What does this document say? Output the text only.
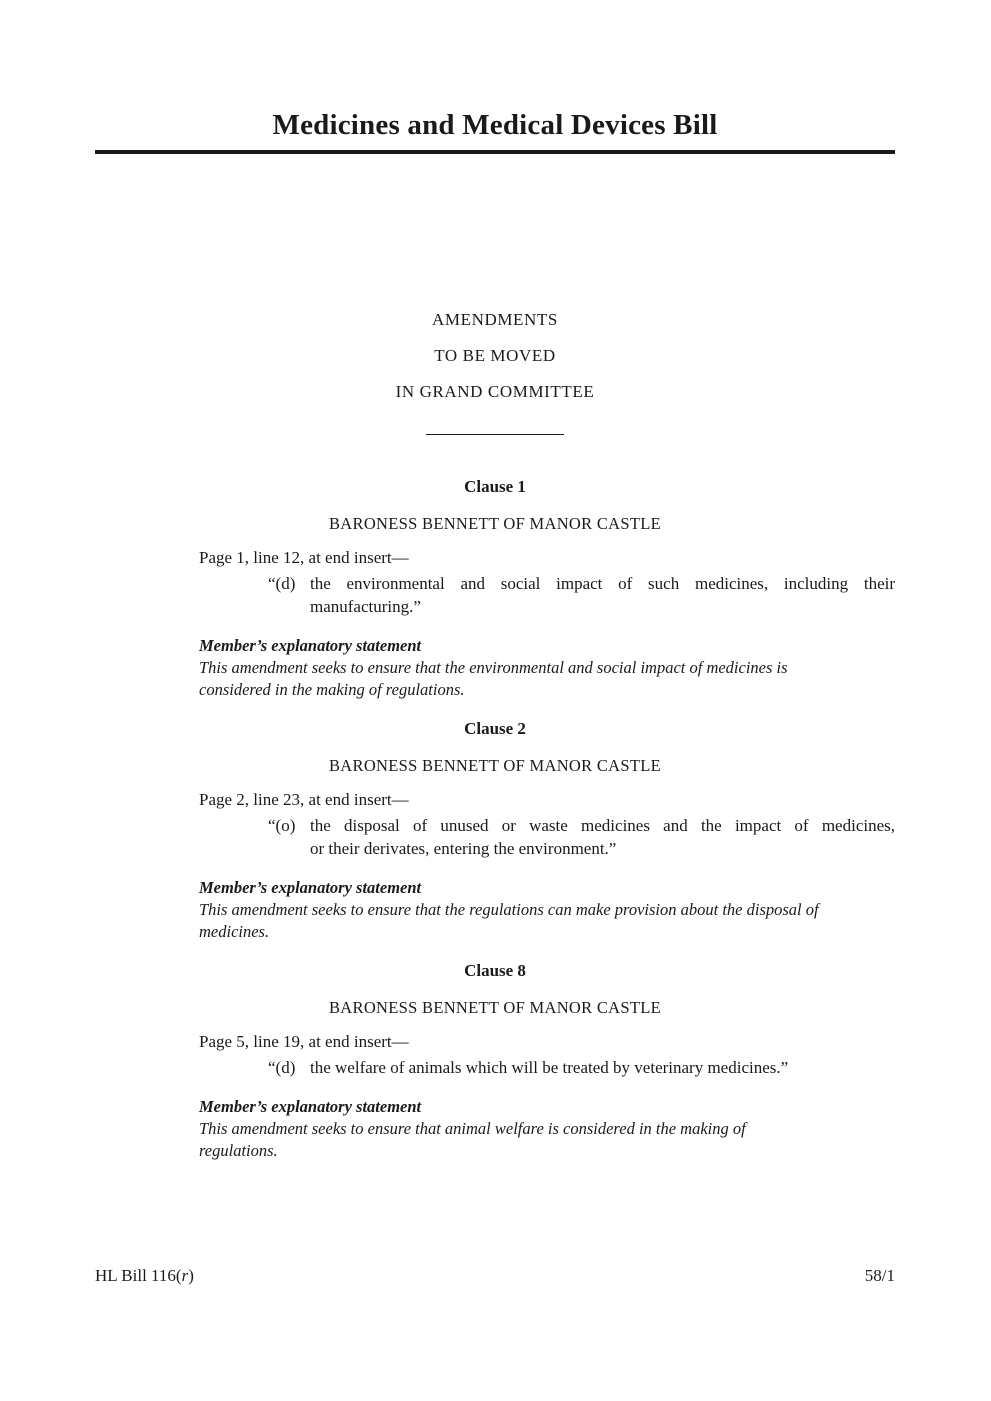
Medicines and Medical Devices Bill
AMENDMENTS
TO BE MOVED
IN GRAND COMMITTEE
Clause 1
BARONESS BENNETT OF MANOR CASTLE
Page 1, line 12, at end insert—
“(d) the environmental and social impact of such medicines, including their
manufacturing.”
Member’s explanatory statement
This amendment seeks to ensure that the environmental and social impact of medicines is
considered in the making of regulations.
Clause 2
BARONESS BENNETT OF MANOR CASTLE
Page 2, line 23, at end insert—
“(o) the disposal of unused or waste medicines and the impact of medicines,
or their derivates, entering the environment.”
Member’s explanatory statement
This amendment seeks to ensure that the regulations can make provision about the disposal of
medicines.
Clause 8
BARONESS BENNETT OF MANOR CASTLE
Page 5, line 19, at end insert—
“(d) the welfare of animals which will be treated by veterinary medicines.”
Member’s explanatory statement
This amendment seeks to ensure that animal welfare is considered in the making of
regulations.
HL Bill 116(r)	58/1
